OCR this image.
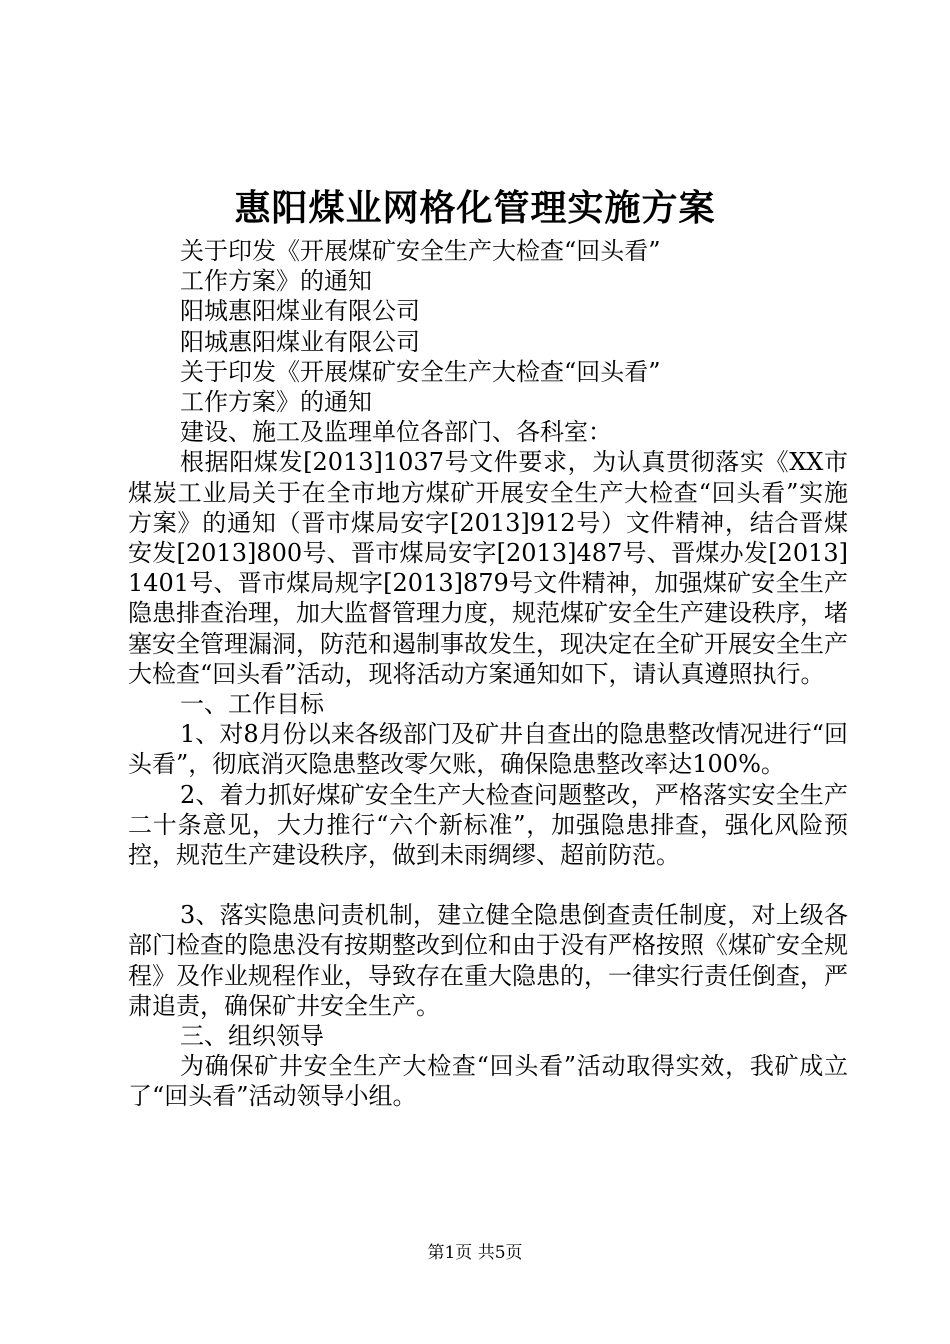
惠阳煤业网格化管理实施方案

关于印发《开展煤矿安全生产大检查“回头看”

工作方案》的通知

阳城惠阳煤业有限公司

阳城惠阳煤业有限公司

关于印发《开展煤矿安全生产大检查“回头看”

工作方案》的通知

建设、施工及监理单位各部门、各科室：

根据阳煤发[2013]1037号文件要求，为认真贯彻落实《XX市煤炭工业局关于在全市地方煤矿开展安全生产大检查“回头看”实施方案》的通知（晋市煤局安字[2013]912号）文件精神，结合晋煤安发[2013]800号、晋市煤局安字[2013]487号、晋煤办发[2013]1401号、晋市煤局规字[2013]879号文件精神，加强煤矿安全生产隐患排查治理，加大监督管理力度，规范煤矿安全生产建设秩序，堵塞安全管理漏洞，防范和遏制事故发生，现决定在全矿开展安全生产大检查“回头看”活动，现将活动方案通知如下，请认真遵照执行。

一、工作目标

1、对8月份以来各级部门及矿井自查出的隐患整改情况进行“回头看”，彻底消灭隐患整改零欠账，确保隐患整改率达100%。

2、着力抓好煤矿安全生产大检查问题整改，严格落实安全生产二十条意见，大力推行“六个新标准”，加强隐患排查，强化风险预控，规范生产建设秩序，做到未雨绸缪、超前防范。

3、落实隐患问责机制，建立健全隐患倒查责任制度，对上级各部门检查的隐患没有按期整改到位和由于没有严格按照《煤矿安全规程》及作业规程作业，导致存在重大隐患的，一律实行责任倒查，严肃追责，确保矿井安全生产。

三、组织领导

为确保矿井安全生产大检查“回头看”活动取得实效，我矿成立了“回头看”活动领导小组。

第1页 共5页
